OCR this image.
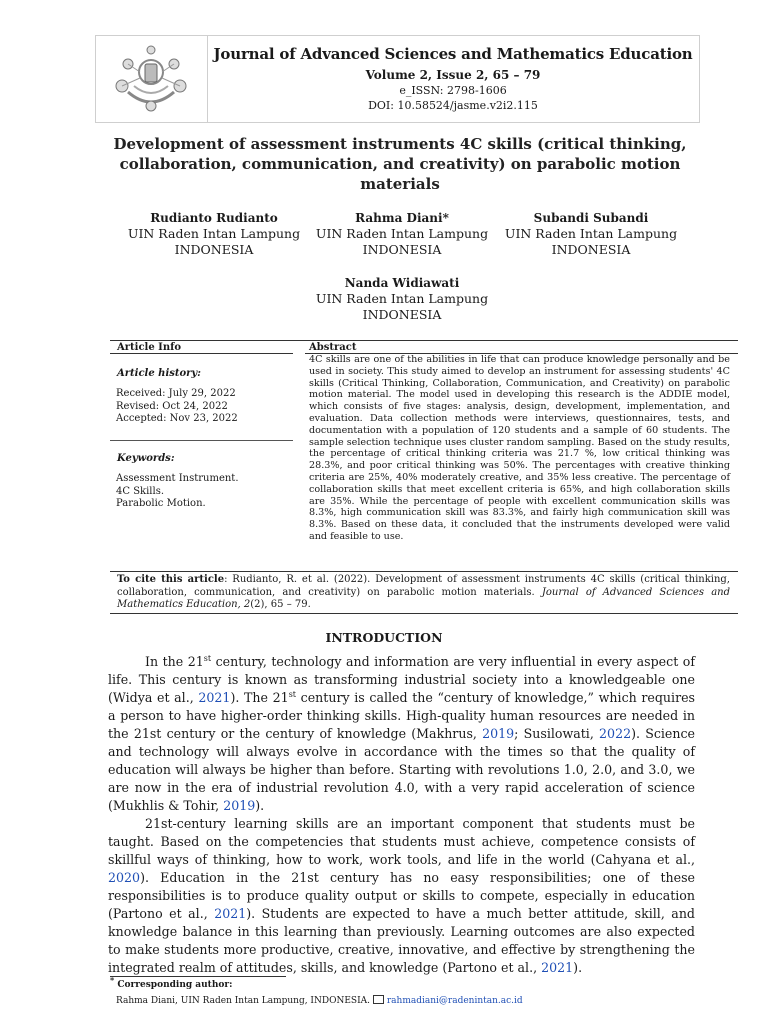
Journal of Advanced Sciences and Mathematics Education
Volume 2, Issue 2, 65 – 79
e_ISSN: 2798-1606
DOI: 10.58524/jasme.v2i2.115
Development of assessment instruments 4C skills (critical thinking, collaboration, communication, and creativity) on parabolic motion materials
Rudianto Rudianto
UIN Raden Intan Lampung
INDONESIA
Rahma Diani*
UIN Raden Intan Lampung
INDONESIA
Subandi Subandi
UIN Raden Intan Lampung
INDONESIA
Nanda Widiawati
UIN Raden Intan Lampung
INDONESIA
Article Info	Abstract
Article history:
Received: July 29, 2022
Revised: Oct 24, 2022
Accepted: Nov 23, 2022
Keywords:
Assessment Instrument.
4C Skills.
Parabolic Motion.
4C skills are one of the abilities in life that can produce knowledge personally and be used in society. This study aimed to develop an instrument for assessing students' 4C skills (Critical Thinking, Collaboration, Communication, and Creativity) on parabolic motion material. The model used in developing this research is the ADDIE model, which consists of five stages: analysis, design, development, implementation, and evaluation. Data collection methods were interviews, questionnaires, tests, and documentation with a population of 120 students and a sample of 60 students. The sample selection technique uses cluster random sampling. Based on the study results, the percentage of critical thinking criteria was 21.7 %, low critical thinking was 28.3%, and poor critical thinking was 50%. The percentages with creative thinking criteria are 25%, 40% moderately creative, and 35% less creative. The percentage of collaboration skills that meet excellent criteria is 65%, and high collaboration skills are 35%. While the percentage of people with excellent communication skills was 8.3%, high communication skill was 83.3%, and fairly high communication skill was 8.3%. Based on these data, it concluded that the instruments developed were valid and feasible to use.
To cite this article: Rudianto, R. et al. (2022). Development of assessment instruments 4C skills (critical thinking, collaboration, communication, and creativity) on parabolic motion materials. Journal of Advanced Sciences and Mathematics Education, 2(2), 65 – 79.
INTRODUCTION

In the 21st century, technology and information are very influential in every aspect of life. This century is known as transforming industrial society into a knowledgeable one (Widya et al., 2021). The 21st century is called the “century of knowledge,” which requires a person to have higher-order thinking skills. High-quality human resources are needed in the 21st century or the century of knowledge (Makhrus, 2019; Susilowati, 2022). Science and technology will always evolve in accordance with the times so that the quality of education will always be higher than before. Starting with revolutions 1.0, 2.0, and 3.0, we are now in the era of industrial revolution 4.0, with a very rapid acceleration of science (Mukhlis & Tohir, 2019).

21st-century learning skills are an important component that students must be taught. Based on the competencies that students must achieve, competence consists of skillful ways of thinking, how to work, work tools, and life in the world (Cahyana et al., 2020). Education in the 21st century has no easy responsibilities; one of these responsibilities is to produce quality output or skills to compete, especially in education (Partono et al., 2021). Students are expected to have a much better attitude, skill, and knowledge balance in this learning than previously. Learning outcomes are also expected to make students more productive, creative, innovative, and effective by strengthening the integrated realm of attitudes, skills, and knowledge (Partono et al., 2021).

* Corresponding author:
Rahma Diani, UIN Raden Intan Lampung, INDONESIA. rahmadiani@radenintan.ac.id
